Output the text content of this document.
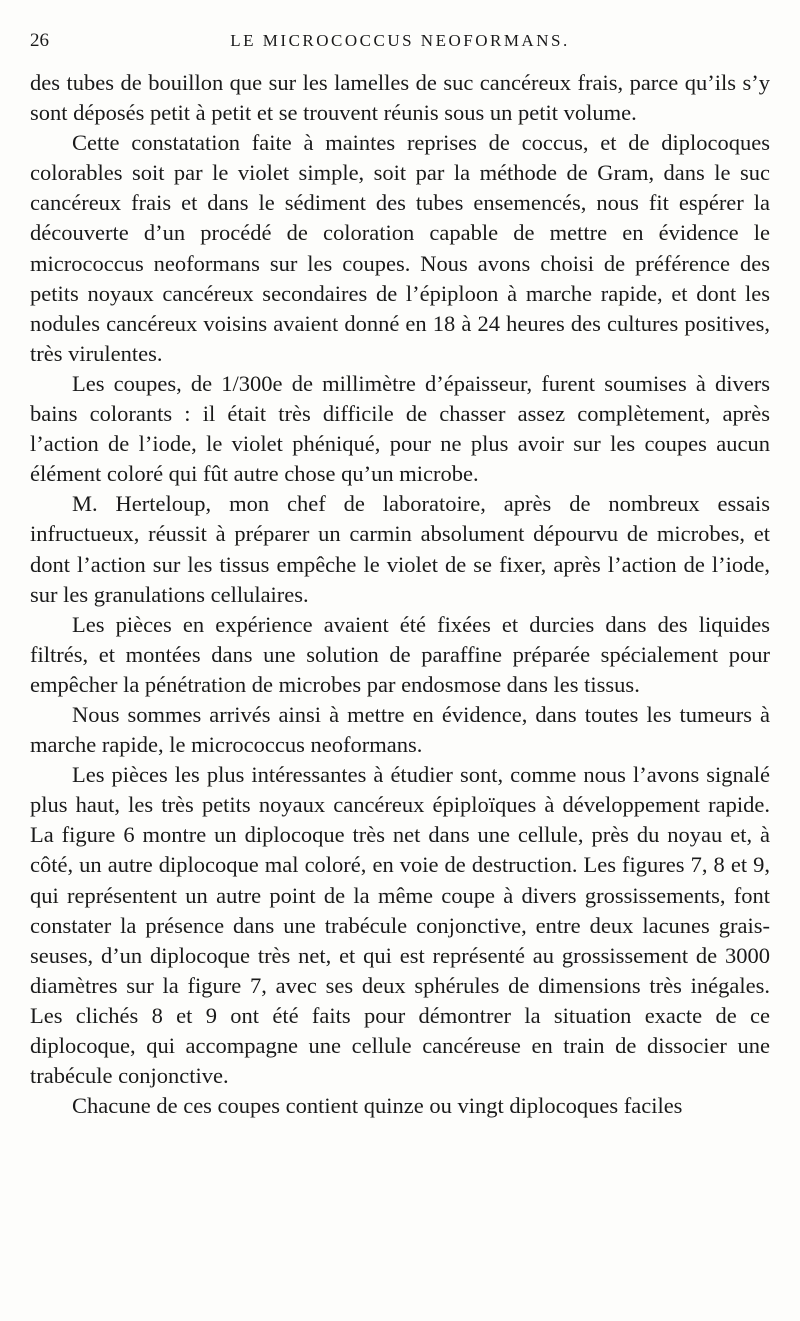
26	LE MICROCOCCUS NEOFORMANS.

des tubes de bouillon que sur les lamelles de suc cancéreux frais, parce qu’ils s’y sont déposés petit à petit et se trouvent réunis sous un petit volume.

Cette constatation faite à maintes reprises de coccus, et de diplocoques colorables soit par le violet simple, soit par la méthode de Gram, dans le suc cancéreux frais et dans le sédiment des tubes ensemencés, nous fit espérer la découverte d’un procédé de coloration capable de mettre en évidence le micrococcus neoformans sur les coupes. Nous avons choisi de préférence des petits noyaux cancéreux secondaires de l’épiploon à marche rapide, et dont les nodules cancéreux voisins avaient donné en 18 à 24 heures des cultures positives, très virulentes.

Les coupes, de 1/300e de millimètre d’épaisseur, furent soumises à divers bains colorants : il était très difficile de chasser assez complètement, après l’action de l’iode, le violet phéniqué, pour ne plus avoir sur les coupes aucun élément coloré qui fût autre chose qu’un microbe.

M. Herteloup, mon chef de laboratoire, après de nombreux essais infructueux, réussit à préparer un carmin absolument dépourvu de microbes, et dont l’action sur les tissus empêche le violet de se fixer, après l’action de l’iode, sur les granulations cellulaires.

Les pièces en expérience avaient été fixées et durcies dans des liquides filtrés, et montées dans une solution de paraffine préparée spécialement pour empêcher la pénétration de microbes par endosmose dans les tissus.

Nous sommes arrivés ainsi à mettre en évidence, dans toutes les tumeurs à marche rapide, le micrococcus neoformans.

Les pièces les plus intéressantes à étudier sont, comme nous l’avons signalé plus haut, les très petits noyaux cancéreux épiploïques à développement rapide. La figure 6 montre un diplocoque très net dans une cellule, près du noyau et, à côté, un autre diplocoque mal coloré, en voie de destruction. Les figures 7, 8 et 9, qui représentent un autre point de la même coupe à divers grossissements, font constater la présence dans une trabécule conjonctive, entre deux lacunes graisseuses, d’un diplocoque très net, et qui est représenté au grossissement de 3000 diamètres sur la figure 7, avec ses deux sphérules de dimensions très inégales. Les clichés 8 et 9 ont été faits pour démontrer la situation exacte de ce diplocoque, qui accompagne une cellule cancéreuse en train de dissocier une trabécule conjonctive.

Chacune de ces coupes contient quinze ou vingt diplocoques faciles
